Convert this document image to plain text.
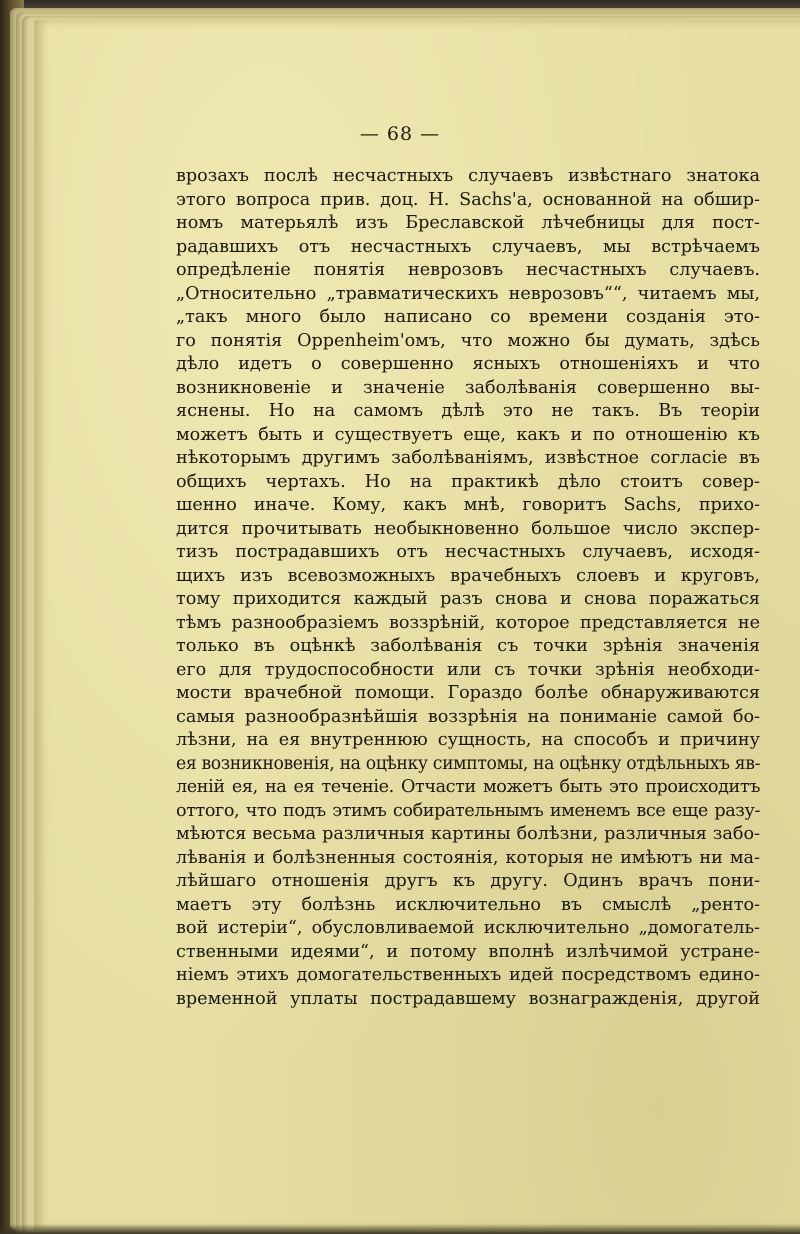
— 68 —
врозахъ послѣ несчастныхъ случаевъ извѣстнаго знатока
этого вопроса прив. доц. Н. Sachs'а, основанной на обшир-
номъ матерьялѣ изъ Бреславской лѣчебницы для пост-
радавшихъ отъ несчастныхъ случаевъ, мы встрѣчаемъ
опредѣленіе понятія неврозовъ несчастныхъ случаевъ.
„Относительно „травматическихъ неврозовъ““, читаемъ мы,
„такъ много было написано со времени созданія это-
го понятія Oppenheim'омъ, что можно бы думать, здѣсь
дѣло идетъ о совершенно ясныхъ отношеніяхъ и что
возникновеніе и значеніе заболѣванія совершенно вы-
яснены. Но на самомъ дѣлѣ это не такъ. Въ теоріи
можетъ быть и существуетъ еще, какъ и по отношенію къ
нѣкоторымъ другимъ заболѣваніямъ, извѣстное согласіе въ
общихъ чертахъ. Но на практикѣ дѣло стоитъ совер-
шенно иначе. Кому, какъ мнѣ, говоритъ Sachs, прихо-
дится прочитывать необыкновенно большое число экспер-
тизъ пострадавшихъ отъ несчастныхъ случаевъ, исходя-
щихъ изъ всевозможныхъ врачебныхъ слоевъ и круговъ,
тому приходится каждый разъ снова и снова поражаться
тѣмъ разнообразіемъ воззрѣній, которое представляется не
только въ оцѣнкѣ заболѣванія съ точки зрѣнія значенія
его для трудоспособности или съ точки зрѣнія необходи-
мости врачебной помощи. Гораздо болѣе обнаруживаются
самыя разнообразнѣйшія воззрѣнія на пониманіе самой бо-
лѣзни, на ея внутреннюю сущность, на способъ и причину
ея возникновенія, на оцѣнку симптомы, на оцѣнку отдѣльныхъ яв-
леній ея, на ея теченіе. Отчасти можетъ быть это происходитъ
оттого, что подъ этимъ собирательнымъ именемъ все еще разу-
мѣются весьма различныя картины болѣзни, различныя забо-
лѣванія и болѣзненныя состоянія, которыя не имѣютъ ни ма-
лѣйшаго отношенія другъ къ другу. Одинъ врачъ пони-
маетъ эту болѣзнь исключительно въ смыслѣ „ренто-
вой истеріи“, обусловливаемой исключительно „домогатель-
ственными идеями“, и потому вполнѣ излѣчимой устране-
ніемъ этихъ домогательственныхъ идей посредствомъ едино-
временной уплаты пострадавшему вознагражденія, другой
